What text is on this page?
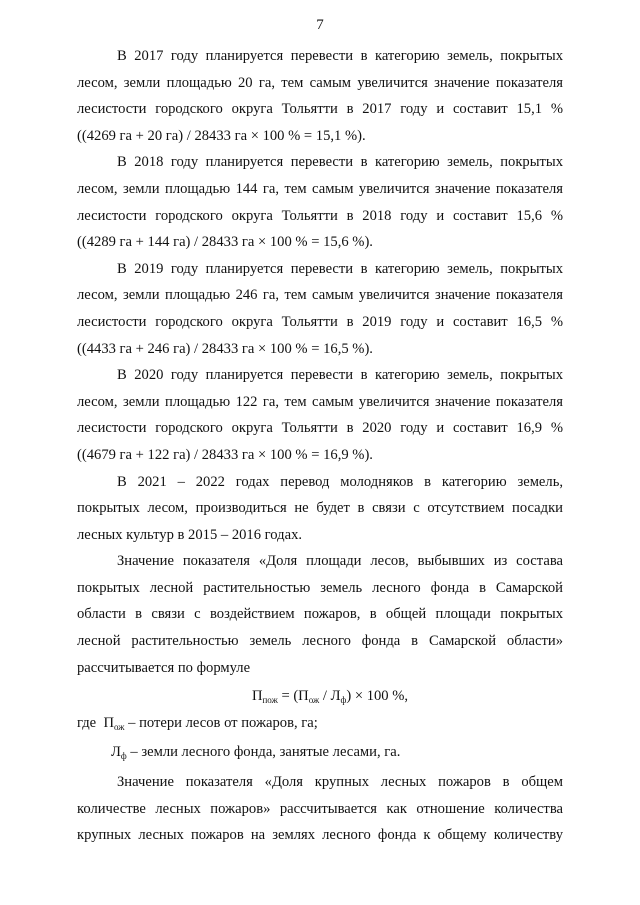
7
В 2017 году планируется перевести в категорию земель, покрытых
лесом, земли площадью 20 га, тем самым увеличится значение показателя
лесистости городского округа Тольятти в 2017 году и составит 15,1 %
((4269 га + 20 га) / 28433 га × 100 % = 15,1 %).
В 2018 году планируется перевести в категорию земель, покрытых
лесом, земли площадью 144 га, тем самым увеличится значение показателя
лесистости городского округа Тольятти в 2018 году и составит 15,6 %
((4289 га + 144 га) / 28433 га × 100 % = 15,6 %).
В 2019 году планируется перевести в категорию земель, покрытых
лесом, земли площадью 246 га, тем самым увеличится значение показателя
лесистости городского округа Тольятти в 2019 году и составит 16,5 %
((4433 га + 246 га) / 28433 га × 100 % = 16,5 %).
В 2020 году планируется перевести в категорию земель, покрытых
лесом, земли площадью 122 га, тем самым увеличится значение показателя
лесистости городского округа Тольятти в 2020 году и составит 16,9 %
((4679 га + 122 га) / 28433 га × 100 % = 16,9 %).
В 2021 – 2022 годах перевод молодняков в категорию земель,
покрытых лесом, производиться не будет в связи с отсутствием посадки
лесных культур в 2015 – 2016 годах.
Значение показателя «Доля площади лесов, выбывших из состава
покрытых лесной растительностью земель лесного фонда в Самарской
области в связи с воздействием пожаров, в общей площади покрытых
лесной растительностью земель лесного фонда в Самарской области»
рассчитывается по формуле
$П_{пож} = (П_{ож} / Л_ф) \times 100$ %,
где $П_{ож}$ – потери лесов от пожаров, га;
$Л_ф$ – земли лесного фонда, занятые лесами, га.
Значение показателя «Доля крупных лесных пожаров в общем
количестве лесных пожаров» рассчитывается как отношение количества
крупных лесных пожаров на землях лесного фонда к общему количеству
